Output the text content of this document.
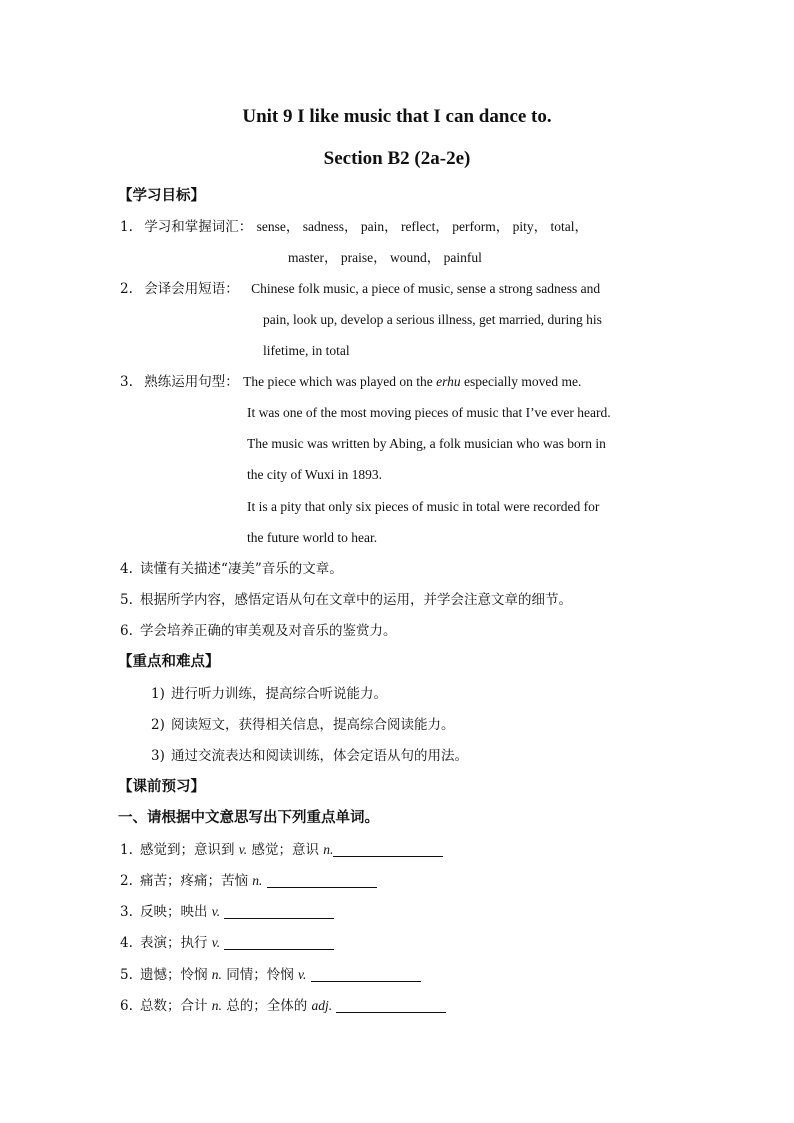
Unit 9 I like music that I can dance to.
Section B2 (2a-2e)
【学习目标】
1. 学习和掌握词汇： sense， sadness， pain， reflect， perform， pity， total，
master， praise， wound， painful
2. 会译会用短语： Chinese folk music, a piece of music, sense a strong sadness and
pain, look up, develop a serious illness, get married, during his
lifetime, in total
3. 熟练运用句型： The piece which was played on the erhu especially moved me.
It was one of the most moving pieces of music that I’ve ever heard.
The music was written by Abing, a folk musician who was born in
the city of Wuxi in 1893.
It is a pity that only six pieces of music in total were recorded for
the future world to hear.
4. 读懂有关描述“凄美”音乐的文章。
5. 根据所学内容，感悟定语从句在文章中的运用，并学会注意文章的细节。
6. 学会培养正确的审美观及对音乐的鉴赏力。
【重点和难点】
1) 进行听力训练，提高综合听说能力。
2) 阅读短文，获得相关信息，提高综合阅读能力。
3) 通过交流表达和阅读训练，体会定语从句的用法。
【课前预习】
一、请根据中文意思写出下列重点单词。
1. 感觉到；意识到 v. 感觉；意识 n.
2. 痛苦；疼痛；苦恼 n.
3. 反映；映出 v.
4. 表演；执行 v.
5. 遗憾；怜悯 n. 同情；怜悯 v.
6. 总数；合计 n. 总的；全体的 adj.
